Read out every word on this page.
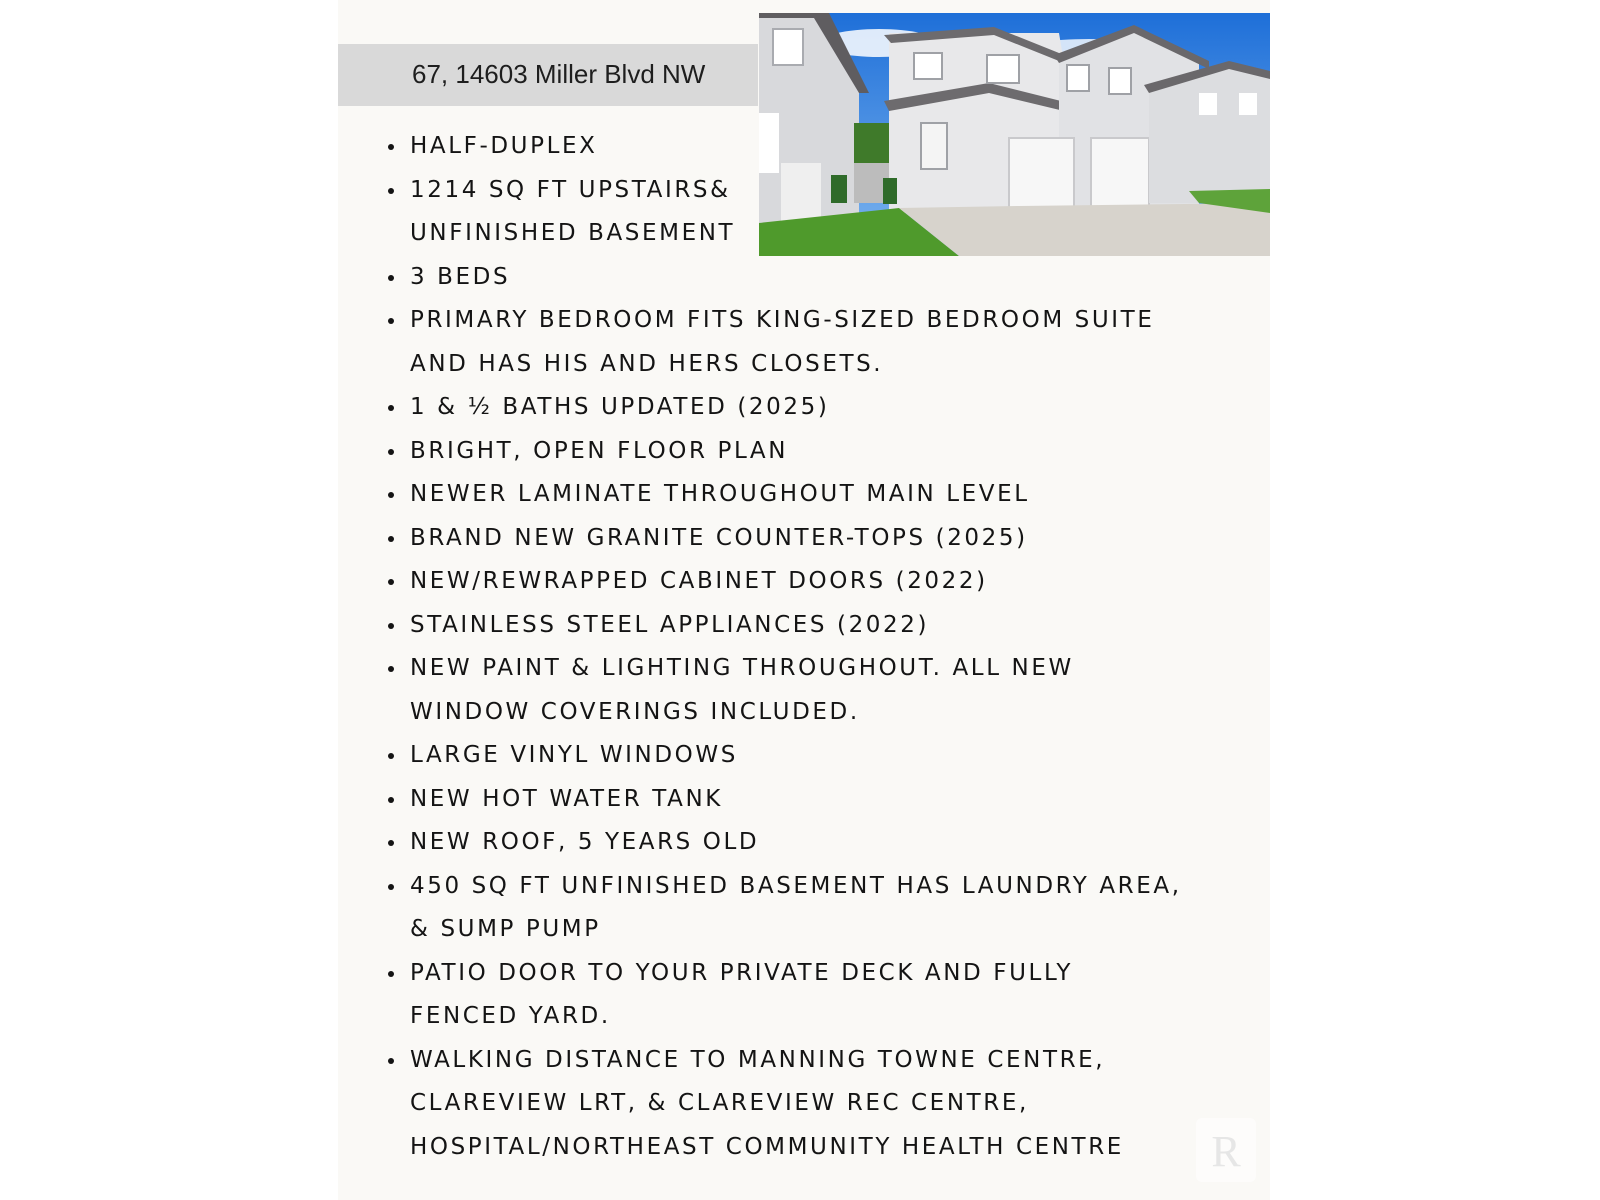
67, 14603 Miller Blvd NW
HALF-DUPLEX
1214 SQ FT UPSTAIRS&
UNFINISHED BASEMENT
3 BEDS
PRIMARY BEDROOM FITS KING-SIZED BEDROOM SUITE
AND HAS HIS AND HERS CLOSETS.
1 & ½ BATHS UPDATED (2025)
BRIGHT, OPEN FLOOR PLAN
NEWER LAMINATE THROUGHOUT MAIN LEVEL
BRAND NEW GRANITE COUNTER-TOPS (2025)
NEW/REWRAPPED CABINET DOORS (2022)
STAINLESS STEEL APPLIANCES (2022)
NEW PAINT & LIGHTING THROUGHOUT. ALL NEW
WINDOW COVERINGS INCLUDED.
LARGE VINYL WINDOWS
NEW HOT WATER TANK
NEW ROOF, 5 YEARS OLD
450 SQ FT UNFINISHED BASEMENT HAS LAUNDRY AREA,
& SUMP PUMP
PATIO DOOR TO YOUR PRIVATE DECK AND FULLY
FENCED YARD.
WALKING DISTANCE TO MANNING TOWNE CENTRE,
CLAREVIEW LRT, & CLAREVIEW REC CENTRE,
HOSPITAL/NORTHEAST COMMUNITY HEALTH CENTRE	R
